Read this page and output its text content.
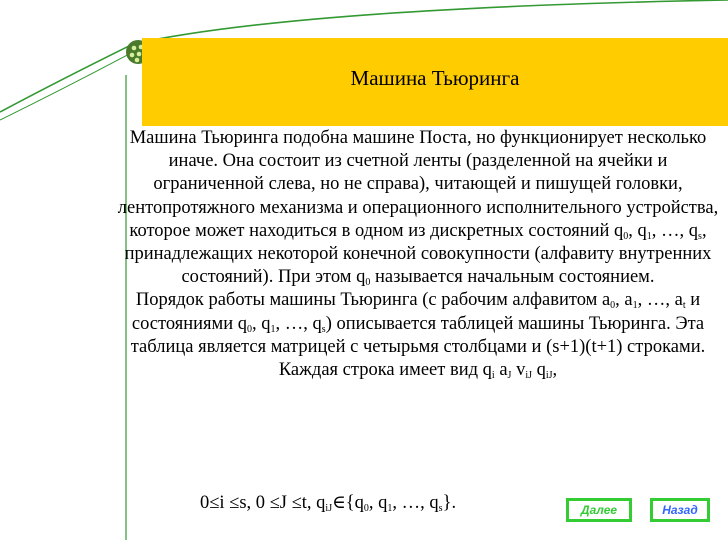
Машина Тьюринга

Машина Тьюринга подобна машине Поста, но функционирует несколько иначе. Она состоит из счетной ленты (разделенной на ячейки и ограниченной слева, но не справа), читающей и пишущей головки, лентопротяжного механизма и операционного исполнительного устройства, которое может находиться в одном из дискретных состояний $q_0$, $q_1$, …, $q_s$, принадлежащих некоторой конечной совокупности (алфавиту внутренних состояний). При этом $q_0$ называется начальным состоянием.

Порядок работы машины Тьюринга (с рабочим алфавитом $a_0$, $a_1$, …, $a_t$ и состояниями $q_0$, $q_1$, …, $q_s$) описывается таблицей машины Тьюринга. Эта таблица является матрицей с четырьмя столбцами и (s+1)(t+1) строками. Каждая строка имеет вид $q_i$ $a_J$ $v_{iJ}$ $q_{iJ}$,

0≤i ≤s, 0 ≤J ≤t, $q_{iJ}\in\{q_0$, $q_1$, …, $q_s$}.	Далее	Назад
